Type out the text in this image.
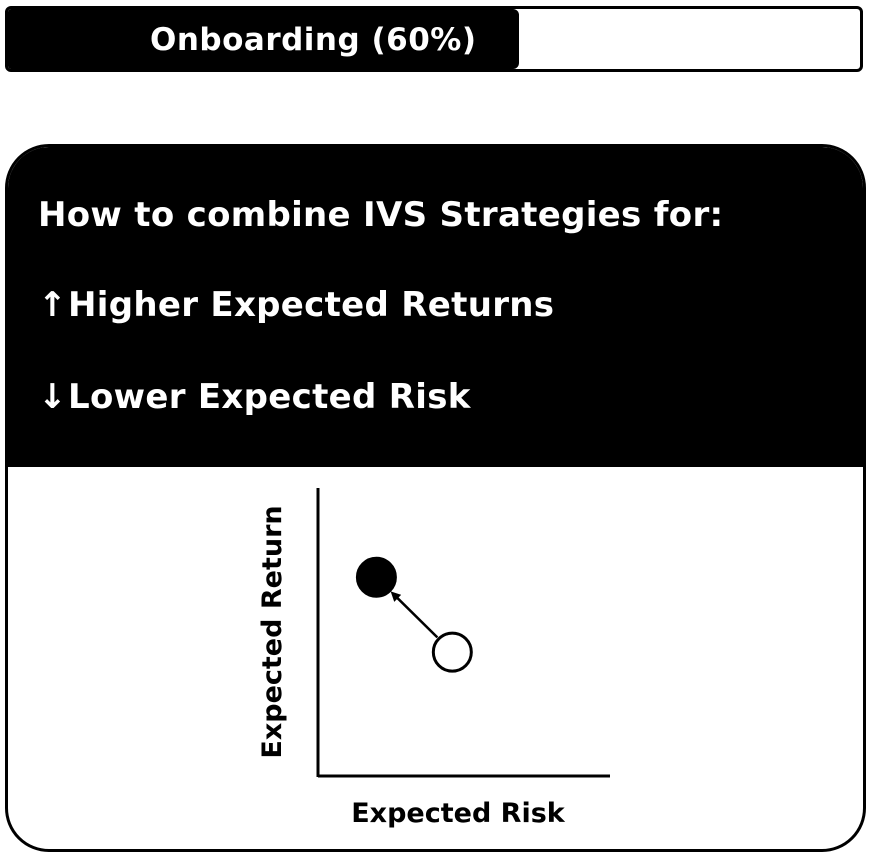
Onboarding (60%)
How to combine IVS Strategies for:
↑Higher Expected Returns
↓Lower Expected Risk
Expected Return
Expected Risk
